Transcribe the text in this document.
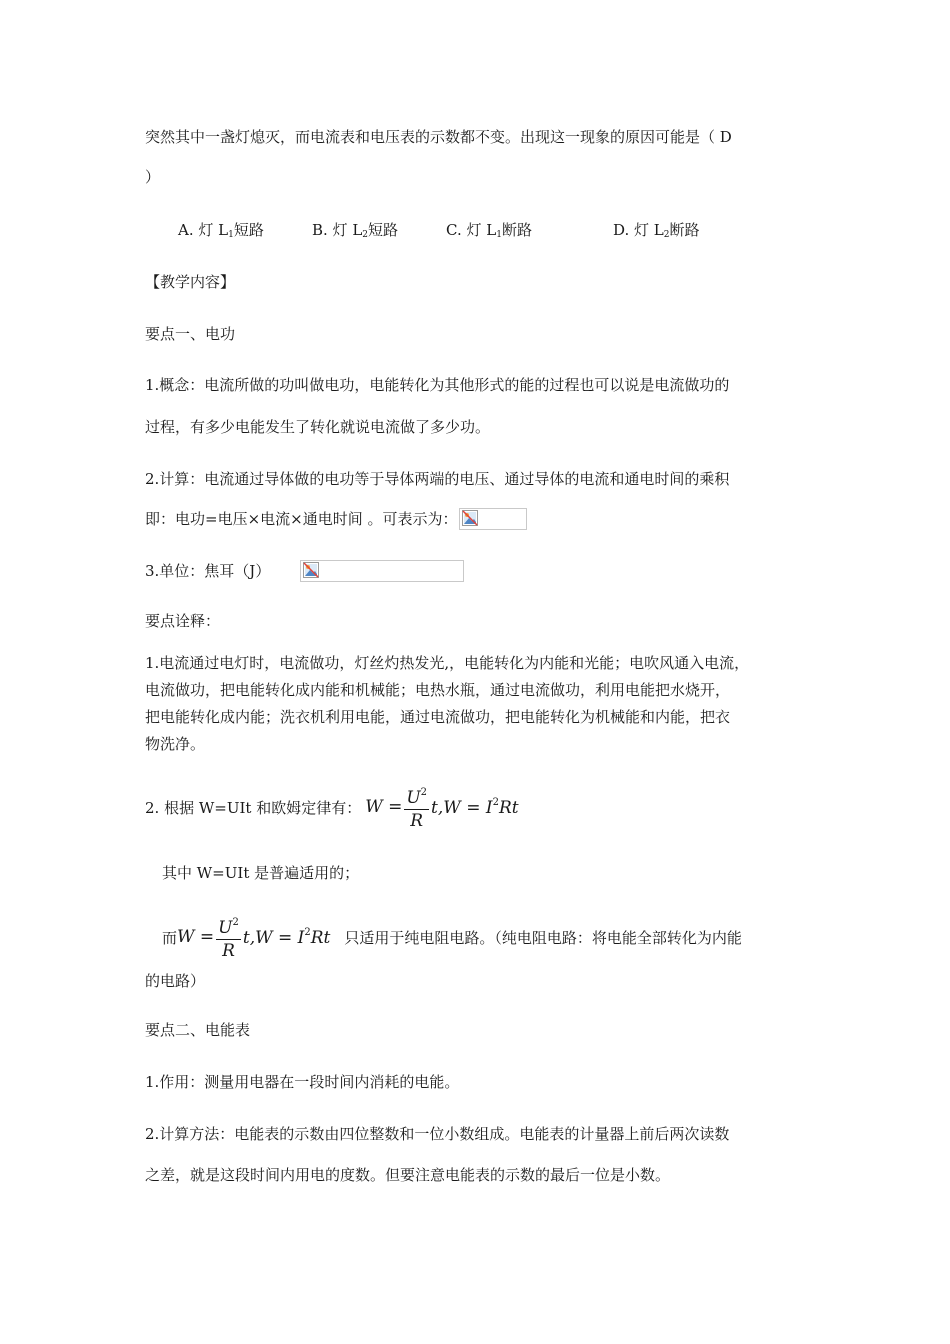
突然其中一盏灯熄灭，而电流表和电压表的示数都不变。出现这一现象的原因可能是（ D
）
A. 灯 $L_1$短路	B. 灯 $L_2$短路	C. 灯 $L_1$断路	D. 灯 $L_2$断路
【教学内容】
要点一、电功
1.概念：电流所做的功叫做电功，电能转化为其他形式的能的过程也可以说是电流做功的
过程，有多少电能发生了转化就说电流做了多少功。
2.计算：电流通过导体做的电功等于导体两端的电压、通过导体的电流和通电时间的乘积
即：电功=电压×电流×通电时间 。可表示为：
3.单位：焦耳（J）
要点诠释：
1.电流通过电灯时，电流做功，灯丝灼热发光,，电能转化为内能和光能；电吹风通入电流，
电流做功，把电能转化成内能和机械能；电热水瓶，通过电流做功，利用电能把水烧开，
把电能转化成内能；洗衣机利用电能，通过电流做功，把电能转化为机械能和内能，把衣
物洗净。
2. 根据 W=UIt 和欧姆定律有： $W = \frac{U^2}{R} t,W = I^2Rt$
其中 W=UIt 是普遍适用的；
而 $W = \frac{U^2}{R} t,W = I^2Rt$ 只适用于纯电阻电路。（纯电阻电路：将电能全部转化为内能
的电路）
要点二、电能表
1.作用：测量用电器在一段时间内消耗的电能。
2.计算方法：电能表的示数由四位整数和一位小数组成。电能表的计量器上前后两次读数
之差，就是这段时间内用电的度数。但要注意电能表的示数的最后一位是小数。
